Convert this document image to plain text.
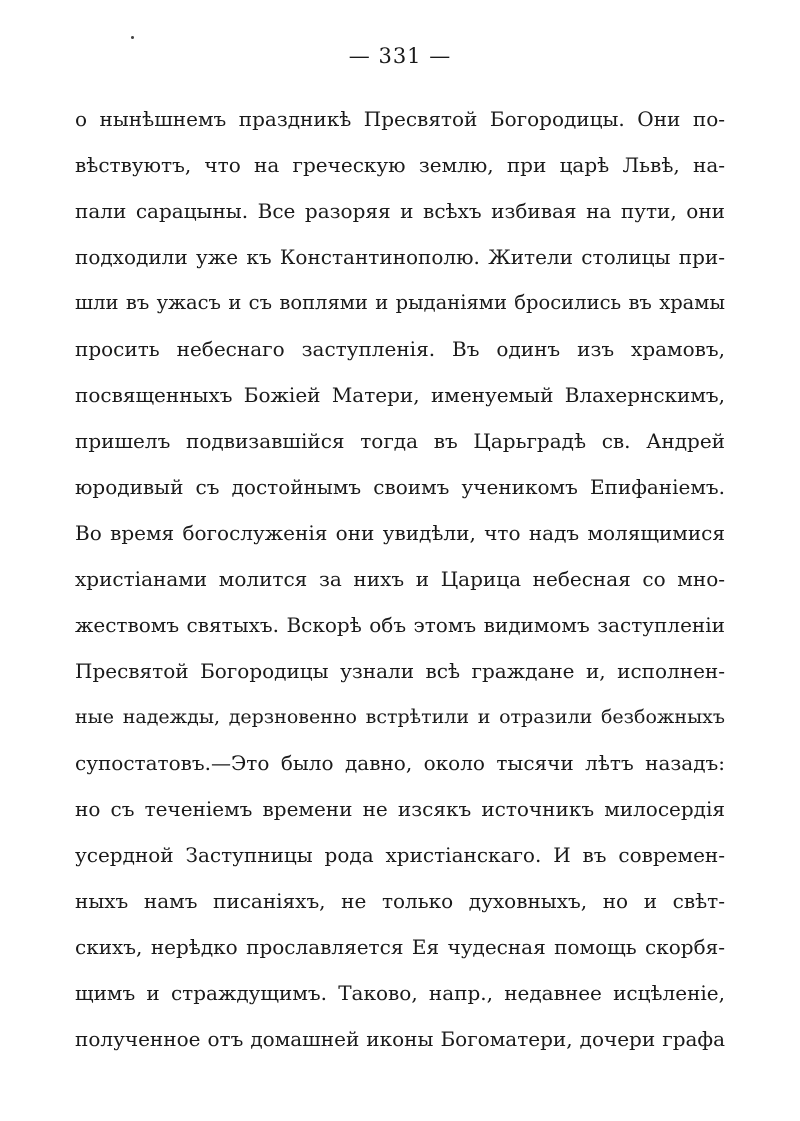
— 331 —
о нынѣшнемъ праздникѣ Пресвятой Богородицы. Они по-
вѣствуютъ, что на греческую землю, при царѣ Львѣ, на-
пали сарацыны. Все разоряя и всѣхъ избивая на пути, они
подходили уже къ Константинополю. Жители столицы при-
шли въ ужасъ и съ воплями и рыданіями бросились въ храмы
просить небеснаго заступленія. Въ одинъ изъ храмовъ,
посвященныхъ Божіей Матери, именуемый Влахернскимъ,
пришелъ подвизавшійся тогда въ Царьградѣ св. Андрей
юродивый съ достойнымъ своимъ ученикомъ Епифаніемъ.
Во время богослуженія они увидѣли, что надъ молящимися
христіанами молится за нихъ и Царица небесная со мно-
жествомъ святыхъ. Вскорѣ объ этомъ видимомъ заступленіи
Пресвятой Богородицы узнали всѣ граждане и, исполнен-
ные надежды, дерзновенно встрѣтили и отразили безбожныхъ
супостатовъ.—Это было давно, около тысячи лѣтъ назадъ:
но съ теченіемъ времени не изсякъ источникъ милосердія
усердной Заступницы рода христіанскаго. И въ современ-
ныхъ намъ писаніяхъ, не только духовныхъ, но и свѣт-
скихъ, нерѣдко прославляется Ея чудесная помощь скорбя-
щимъ и страждущимъ. Таково, напр., недавнее исцѣленіе,
полученное отъ домашней иконы Богоматери, дочери графа
